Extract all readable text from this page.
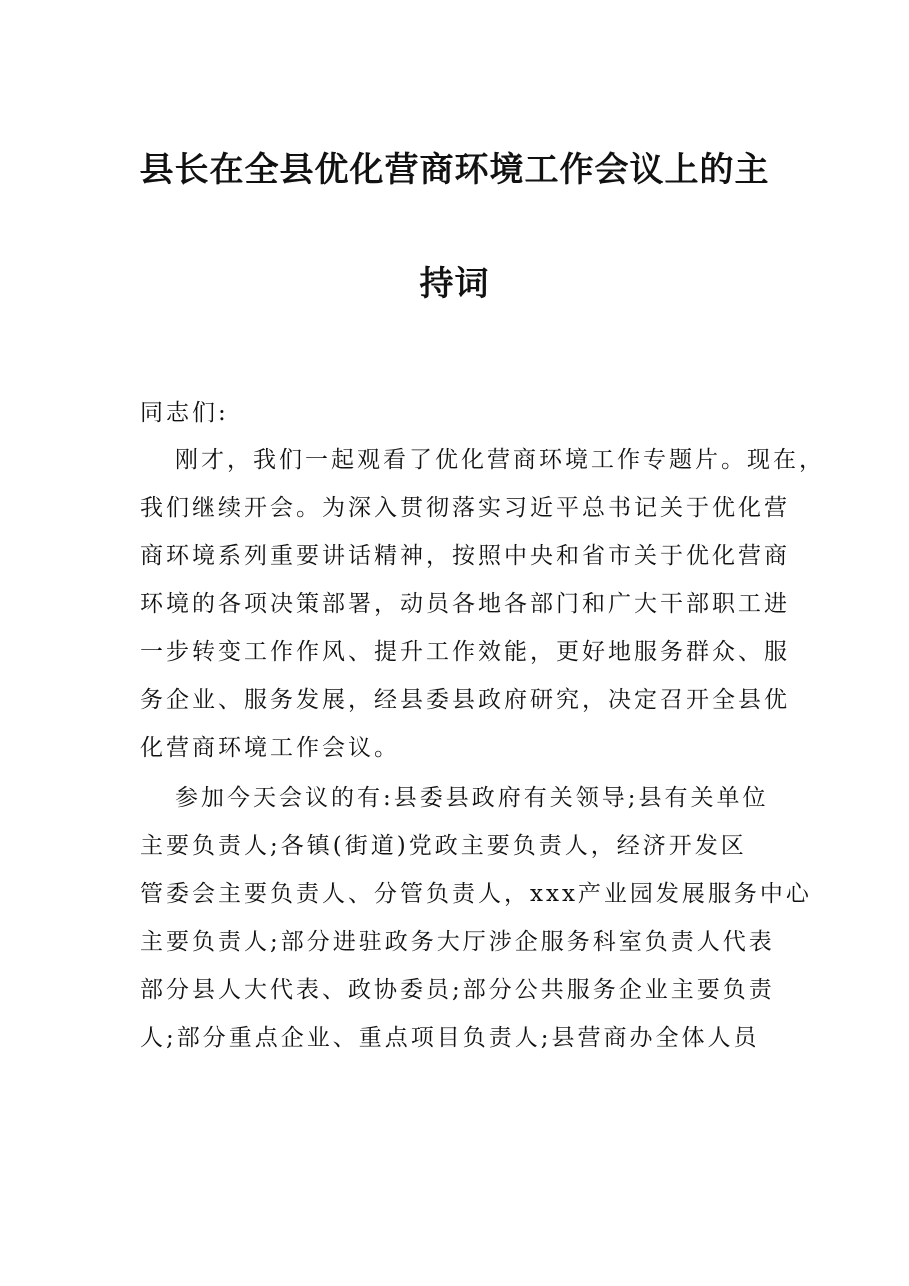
县长在全县优化营商环境工作会议上的主
持词
同志们:
刚才，我们一起观看了优化营商环境工作专题片。现在，
我们继续开会。为深入贯彻落实习近平总书记关于优化营
商环境系列重要讲话精神，按照中央和省市关于优化营商
环境的各项决策部署，动员各地各部门和广大干部职工进
一步转变工作作风、提升工作效能，更好地服务群众、服
务企业、服务发展，经县委县政府研究，决定召开全县优
化营商环境工作会议。
参加今天会议的有:县委县政府有关领导;县有关单位
主要负责人;各镇(街道)党政主要负责人，经济开发区
管委会主要负责人、分管负责人，xxx产业园发展服务中心
主要负责人;部分进驻政务大厅涉企服务科室负责人代表
部分县人大代表、政协委员;部分公共服务企业主要负责
人;部分重点企业、重点项目负责人;县营商办全体人员
